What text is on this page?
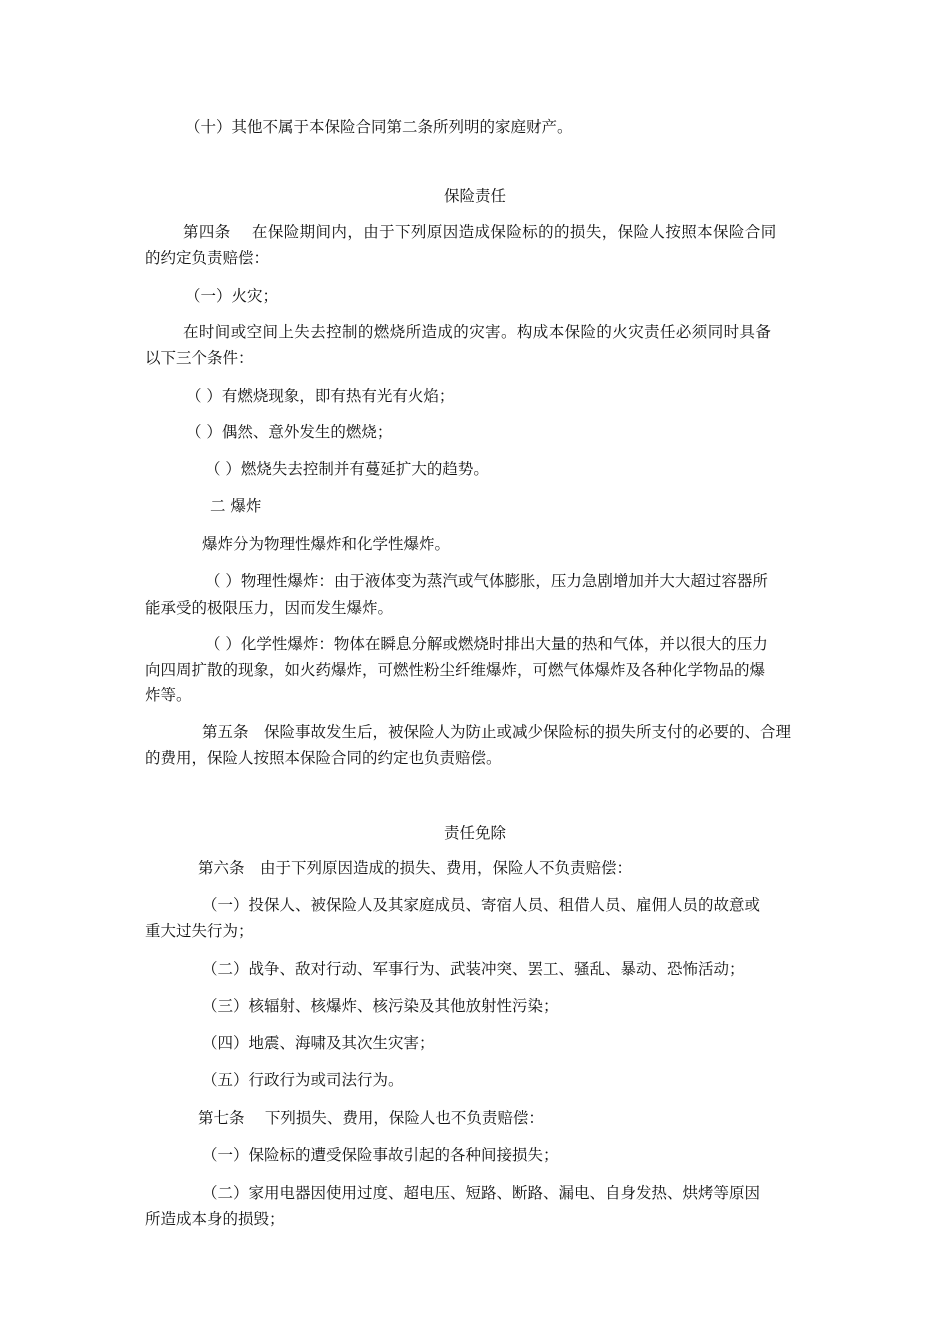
（十）其他不属于本保险合同第二条所列明的家庭财产。
保险责任
第四条　 在保险期间内，由于下列原因造成保险标的的损失，保险人按照本保险合同
的约定负责赔偿：
（一）火灾；
在时间或空间上失去控制的燃烧所造成的灾害。构成本保险的火灾责任必须同时具备
以下三个条件：
（ ）有燃烧现象，即有热有光有火焰；
（ ）偶然、意外发生的燃烧；
（ ）燃烧失去控制并有蔓延扩大的趋势。
二 爆炸
爆炸分为物理性爆炸和化学性爆炸。
（ ）物理性爆炸：由于液体变为蒸汽或气体膨胀，压力急剧增加并大大超过容器所
能承受的极限压力，因而发生爆炸。
（ ）化学性爆炸：物体在瞬息分解或燃烧时排出大量的热和气体，并以很大的压力
向四周扩散的现象，如火药爆炸，可燃性粉尘纤维爆炸，可燃气体爆炸及各种化学物品的爆
炸等。
第五条　保险事故发生后，被保险人为防止或减少保险标的损失所支付的必要的、合理
的费用，保险人按照本保险合同的约定也负责赔偿。
责任免除
第六条　由于下列原因造成的损失、费用，保险人不负责赔偿：
（一）投保人、被保险人及其家庭成员、寄宿人员、租借人员、雇佣人员的故意或
重大过失行为；
（二）战争、敌对行动、军事行为、武装冲突、罢工、骚乱、暴动、恐怖活动；
（三）核辐射、核爆炸、核污染及其他放射性污染；
（四）地震、海啸及其次生灾害；
（五）行政行为或司法行为。
第七条　 下列损失、费用，保险人也不负责赔偿：
（一）保险标的遭受保险事故引起的各种间接损失；
（二）家用电器因使用过度、超电压、短路、断路、漏电、自身发热、烘烤等原因
所造成本身的损毁；
